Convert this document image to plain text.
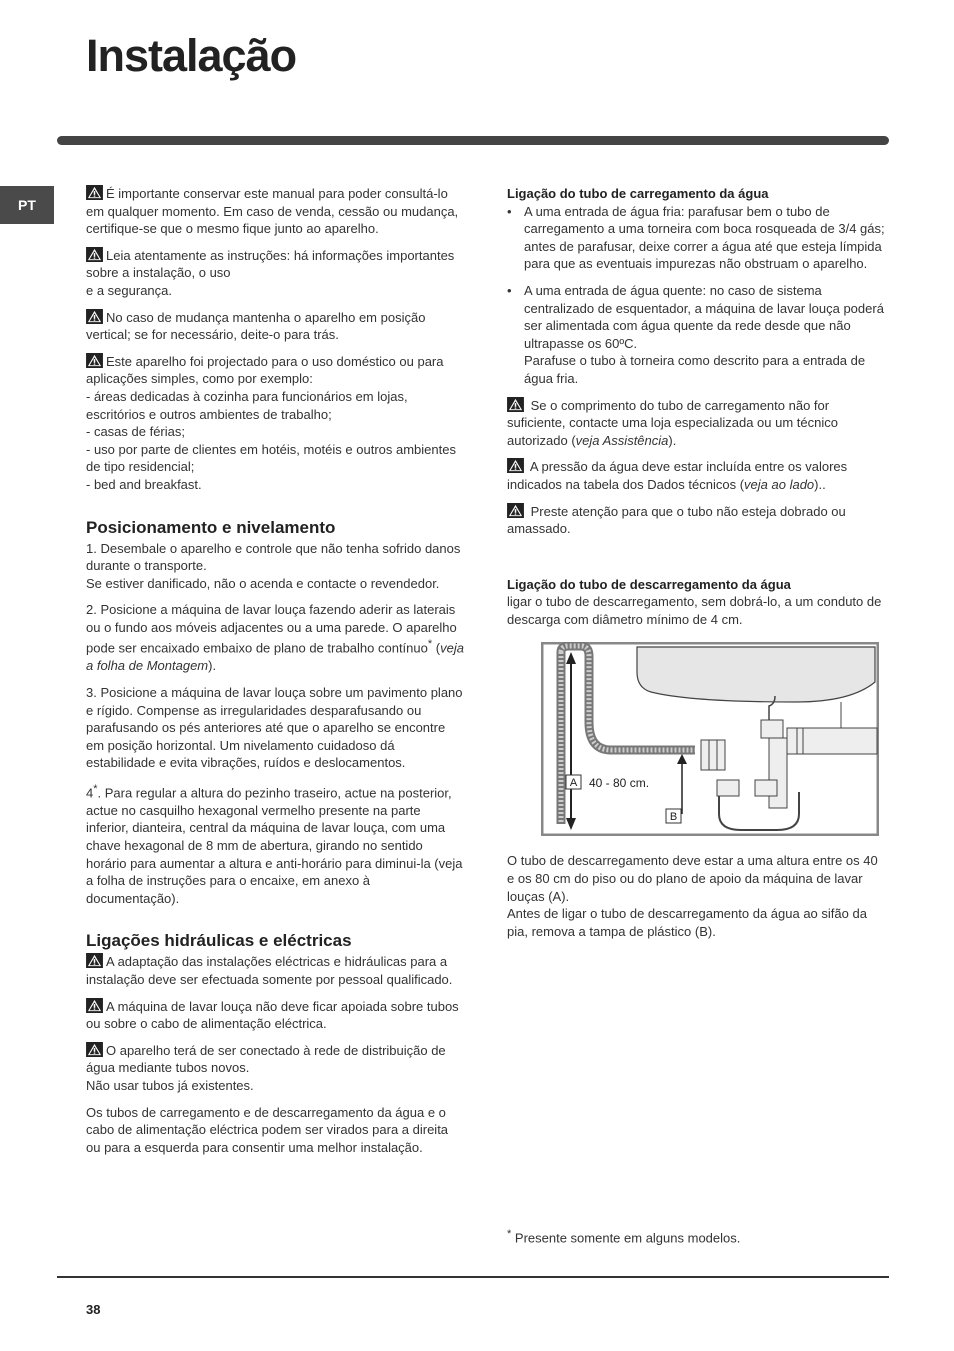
Instalação
PT

É importante conservar este manual para poder consultá-lo em qualquer momento. Em caso de venda, cessão ou mudança, certifique-se que o mesmo fique junto ao aparelho.

Leia atentamente as instruções: há informações importantes sobre a instalação, o uso
e a segurança.

No caso de mudança mantenha o aparelho em posição vertical; se for necessário, deite-o para trás.

Este aparelho foi projectado para o uso doméstico ou para aplicações simples, como por exemplo:
- áreas dedicadas à cozinha para funcionários em lojas, escritórios e outros ambientes de trabalho;
- casas de férias;
- uso por parte de clientes em hotéis, motéis e outros ambientes de tipo residencial;
- bed and breakfast.

Posicionamento e nivelamento

1. Desembale o aparelho e controle que não tenha sofrido danos durante o transporte.
Se estiver danificado, não o acenda e contacte o revendedor.

2. Posicione a máquina de lavar louça fazendo aderir as laterais ou o fundo aos móveis adjacentes ou a uma parede. O aparelho pode ser encaixado embaixo de plano de trabalho contínuo* (veja a folha de Montagem).

3. Posicione a máquina de lavar louça sobre um pavimento plano e rígido. Compense as irregularidades desparafusando ou parafusando os pés anteriores até que o aparelho se encontre em posição horizontal. Um nivelamento cuidadoso dá estabilidade e evita vibrações, ruídos e deslocamentos.

4*. Para regular a altura do pezinho traseiro, actue na posterior, actue no casquilho hexagonal vermelho presente na parte inferior, dianteira, central da máquina de lavar louça, com uma chave hexagonal de 8 mm de abertura, girando no sentido horário para aumentar a altura e anti-horário para diminui-la (veja a folha de instruções para o encaixe, em anexo à documentação).

Ligações hidráulicas e eléctricas

A adaptação das instalações eléctricas e hidráulicas para a instalação deve ser efectuada somente por pessoal qualificado.

A máquina de lavar louça não deve ficar apoiada sobre tubos ou sobre o cabo de alimentação eléctrica.

O aparelho terá de ser conectado à rede de distribuição de água mediante tubos novos.
Não usar tubos já existentes.

Os tubos de carregamento e de descarregamento da água e o cabo de alimentação eléctrica podem ser virados para a direita ou para a esquerda para consentir uma melhor instalação.

Ligação do tubo de carregamento da água
• A uma entrada de água fria: parafusar bem o tubo de carregamento a uma torneira com boca rosqueada de 3/4 gás; antes de parafusar, deixe correr a água até que esteja límpida para que as eventuais impurezas não obstruam o aparelho.
• A uma entrada de água quente: no caso de sistema centralizado de esquentador, a máquina de lavar louça poderá ser alimentada com água quente da rede desde que não ultrapasse os 60ºC.
Parafuse o tubo à torneira como descrito para a entrada de água fria.

Se o comprimento do tubo de carregamento não for suficiente, contacte uma loja especializada ou um técnico autorizado (veja Assistência).

A pressão da água deve estar incluída entre os valores indicados na tabela dos Dados técnicos (veja ao lado)..

Preste atenção para que o tubo não esteja dobrado ou amassado.

Ligação do tubo de descarregamento da água

ligar o tubo de descarregamento, sem dobrá-lo, a um conduto de descarga com diâmetro mínimo de 4 cm.

A 40 - 80 cm.
B

O tubo de descarregamento deve estar a uma altura entre os 40 e os 80 cm do piso ou do plano de apoio da máquina de lavar louças (A).

Antes de ligar o tubo de descarregamento da água ao sifão da pia, remova a tampa de plástico (B).

* Presente somente em alguns modelos.
38
